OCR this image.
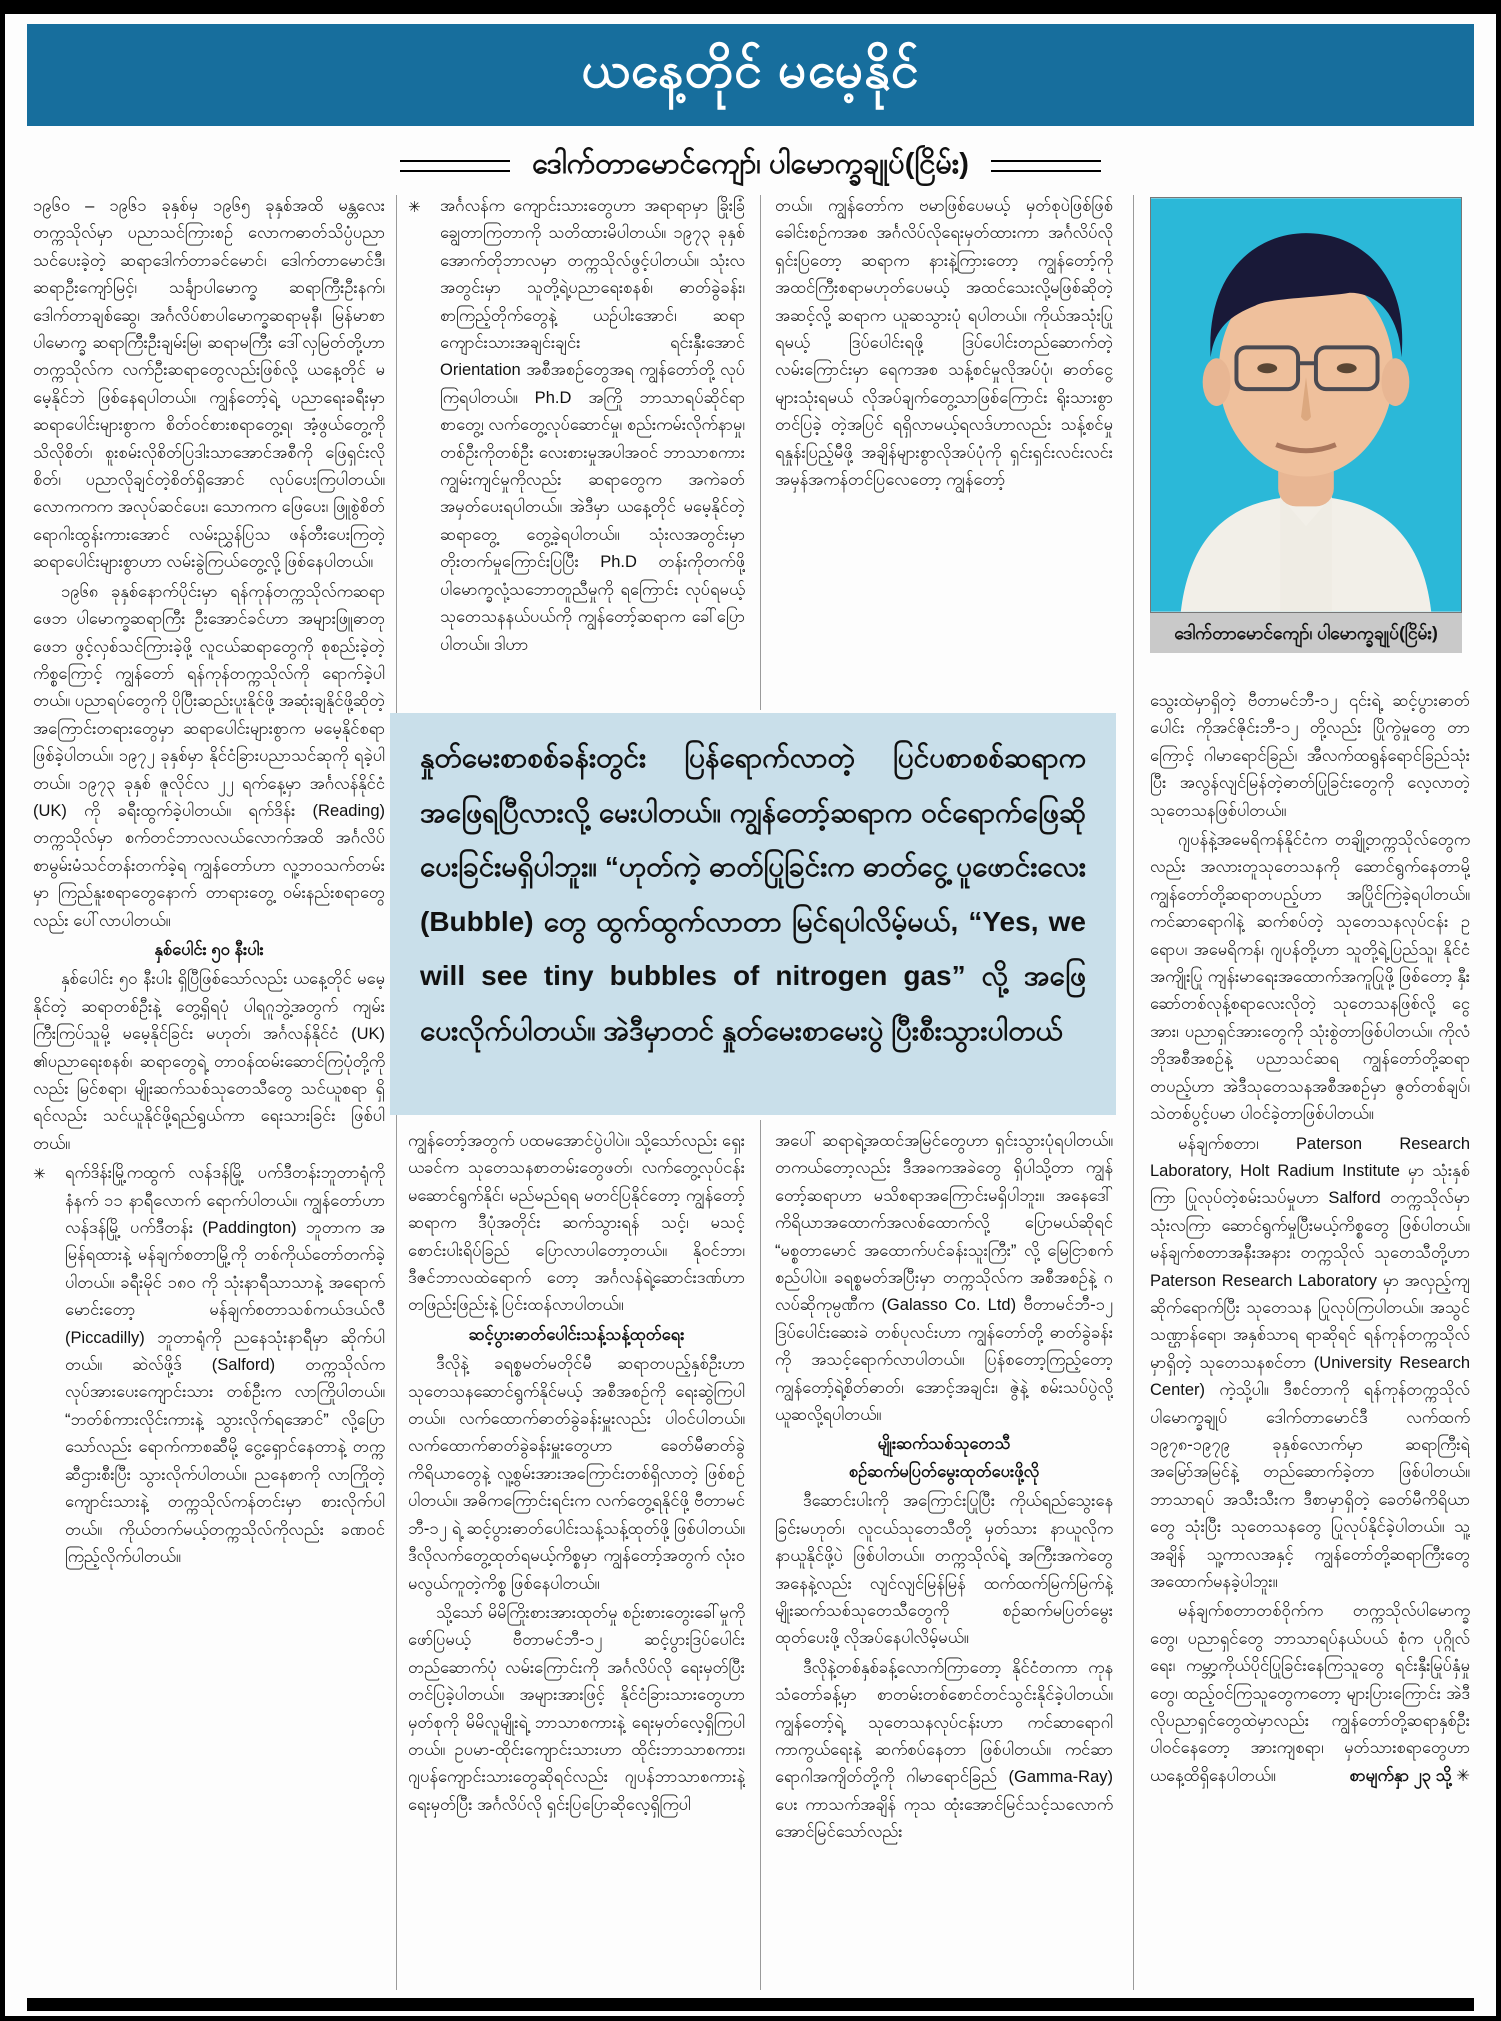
ယနေ့တိုင် မမေ့နိုင်
ဒေါက်တာမောင်ကျော်၊ ပါမောက္ခချုပ်(ငြိမ်း)

၁၉၆၀ – ၁၉၆၁ ခုနှစ်မှ ၁၉၆၅ ခုနှစ်အထိ မန္တလေးတက္ကသိုလ်မှာ ပညာသင်ကြားစဉ် လောကဓာတ်သိပ္ပံပညာသင်ပေးခဲ့တဲ့ ဆရာဒေါက်တာခင်မောင်၊ ဒေါက်တာမောင်ဒီ၊ ဆရာဦးကျော်မြင့်၊ သင်္ချာပါမောက္ခ ဆရာကြီးဦးနက်၊ ဒေါက်တာချစ်ဆွေ၊ အင်္ဂလိပ်စာပါမောက္ခဆရာမုနီ၊ မြန်မာစာပါမောက္ခ ဆရာကြီးဦးချမ်းမြ၊ ဆရာမကြီး ဒေါ်လှမြတ်တို့ဟာ တက္ကသိုလ်က လက်ဦးဆရာတွေလည်းဖြစ်လို့ ယနေ့တိုင် မမေ့နိုင်ဘဲ ဖြစ်နေရပါတယ်။ ကျွန်တော့်ရဲ့ ပညာရေးခရီးမှာ ဆရာပေါင်းများစွာက စိတ်ဝင်စားစရာတွေ့ရ၊ အံ့ဖွယ်တွေ့ကို သိလိုစိတ်၊ စူးစမ်းလိုစိတ်ပြဒါးသာအောင်အစီကို ဖြေရှင်းလိုစိတ်၊ ပညာလိုချင်တဲ့စိတ်ရှိအောင် လုပ်ပေးကြပါတယ်။ လောကကက အလုပ်ဆင်ပေး၊ သောကက ဖြေပေး၊ ဖြူစွဲစိတ်ရောဂါးထွန်းကားအောင် လမ်းညွှန်ပြသ ဖန်တီးပေးကြတဲ့ ဆရာပေါင်းများစွာဟာ လမ်းခွဲကြယ်တွေ့လို့ ဖြစ်နေပါတယ်။

၁၉၆၈ ခုနှစ်နောက်ပိုင်းမှာ ရန်ကုန်တက္ကသိုလ်ကဆရာဖေဘ ပါမောက္ခဆရာကြီး ဦးအောင်ခင်ဟာ အများဖြူဓာတုဖေဘ ဖွင့်လှစ်သင်ကြားခဲ့ဖို့ လူငယ်ဆရာတွေကို စုစည်းခဲ့တဲ့ကိစ္စကြောင့် ကျွန်တော် ရန်ကုန်တက္ကသိုလ်ကို ရောက်ခဲ့ပါတယ်။ ပညာရပ်တွေကို ပိုပြီးဆည်းပူးနိုင်ဖို့ အဆုံးချနိုင်ဖို့ဆိုတဲ့ အကြောင်းတရားတွေမှာ ဆရာပေါင်းများစွာက မမေ့နိုင်စရာဖြစ်ခဲ့ပါတယ်။ ၁၉၇၂ ခုနှစ်မှာ နိုင်ငံခြားပညာသင်ဆုကို ရခဲ့ပါတယ်။ ၁၉၇၃ ခုနှစ် ဇူလိုင်လ ၂၂ ရက်နေ့မှာ အင်္ဂလန်နိုင်ငံ (UK) ကို ခရီးထွက်ခဲ့ပါတယ်။ ရက်ဒိန်း (Reading) တက္ကသိုလ်မှာ စက်တင်ဘာလလယ်လောက်အထိ အင်္ဂလိပ်စာမွမ်းမံသင်တန်းတက်ခဲ့ရ ကျွန်တော်ဟာ လူ့ဘဝသက်တမ်းမှာ ကြည်နူးစရာတွေနောက် တာရားတွေ့ ဝမ်းနည်းစရာတွေလည်း ပေါ်လာပါတယ်။

နှစ်ပေါင်း ၅၀ နီးပါး

နှစ်ပေါင်း ၅၀ နီးပါး ရှိပြီဖြစ်သော်လည်း ယနေ့တိုင် မမေ့နိုင်တဲ့ ဆရာတစ်ဦးနဲ့ တွေ့ရှိရပုံ ပါရဂူဘွဲ့အတွက် ကျမ်းကြီးကြပ်သူမို့ မမေ့နိုင်ခြင်း မဟုတ်၊ အင်္ဂလန်နိုင်ငံ (UK) ၏ပညာရေးစနစ်၊ ဆရာတွေရဲ့ တာဝန်ထမ်းဆောင်ကြပုံတို့ကိုလည်း မြင်စရာ၊ မျိုးဆက်သစ်သုတေသီတွေ သင်ယူစရာ ရှိရင်လည်း သင်ယူနိုင်ဖို့ရည်ရွယ်ကာ ရေးသားခြင်း ဖြစ်ပါတယ်။

✳ ရက်ဒိန်းမြို့ကထွက် လန်ဒန်မြို့ ပက်ဒီတန်းဘူတာရုံကို နံနက် ၁၁ နာရီလောက် ရောက်ပါတယ်။ ကျွန်တော်ဟာ လန်ဒန်မြို့ ပက်ဒီတန်း (Paddington) ဘူတာက အမြန်ရထားနဲ့ မန်ချက်စတာမြို့ကို တစ်ကိုယ်တော်တက်ခဲ့ပါတယ်။ ခရီးမိုင် ၁၈၀ ကို သုံးနာရီသာသာနဲ့ အရောက်မောင်းတော့ မန်ချက်စတာသစ်ကယ်ဒယ်လီ (Piccadilly) ဘူတာရုံကို ညနေသုံးနာရီမှာ ဆိုက်ပါတယ်။ ဆဲလ်ဖို့ဒ် (Salford) တက္ကသိုလ်က လုပ်အားပေးကျောင်းသား တစ်ဦးက လာကြိုပါတယ်။ “ဘတ်စ်ကားလိုင်းကားနဲ့ သွားလိုက်ရအောင်” လို့ပြောသော်လည်း ရောက်ကာစဆီမို့ ငွေ့ရှောင်နေတာနဲ့ တက္ကဆီဌားစီးပြီး သွားလိုက်ပါတယ်။ ညနေစာကို လာကြိုတဲ့ကျောင်းသားနဲ့ တက္ကသိုလ်ကန်တင်းမှာ စားလိုက်ပါတယ်။ ကိုယ်တက်မယ့်တက္ကသိုလ်ကိုလည်း ခဏဝင်ကြည့်လိုက်ပါတယ်။

✳ အင်္ဂလန်က ကျောင်းသားတွေဟာ အရာရာမှာ ခြိုးခြံချွေတာကြတာကို သတိထားမိပါတယ်။ ၁၉၇၃ ခုနှစ် အောက်တိုဘာလမှာ တက္ကသိုလ်ဖွင့်ပါတယ်။ သုံးလအတွင်းမှာ သူတို့ရဲ့ပညာရေးစနစ်၊ ဓာတ်ခွဲခန်း၊ စာကြည့်တိုက်တွေနဲ့ ယဉ်ပါးအောင်၊ ဆရာ ကျောင်းသားအချင်းချင်း ရင်းနှီးအောင် Orientation အစီအစဉ်တွေအရ ကျွန်တော်တို့ လုပ်ကြရပါတယ်။ Ph.D အကြို ဘာသာရပ်ဆိုင်ရာ စာတွေ့၊ လက်တွေ့လုပ်ဆောင်မှု၊ စည်းကမ်းလိုက်နာမှု၊ တစ်ဦးကိုတစ်ဦး လေးစားမှုအပါအဝင် ဘာသာစကားကျွမ်းကျင်မှုကိုလည်း ဆရာတွေက အကဲခတ်အမှတ်ပေးရပါတယ်။ အဲဒီမှာ ယနေ့တိုင် မမေ့နိုင်တဲ့ဆရာတွေ့ တွေ့ခဲ့ရပါတယ်။ သုံးလအတွင်းမှာ တိုးတက်မှုကြောင်းပြပြီး Ph.D တန်းကိုတက်ဖို့ ပါမောက္ခလုံ့သဘောတူညီမှုကို ရကြောင်း လုပ်ရမယ့် သုတေသနနယ်ပယ်ကို ကျွန်တော့်ဆရာက ခေါ်ပြောပါတယ်။ ဒါဟာ

တယ်။ ကျွန်တော်က ဗမာဖြစ်ပေမယ့် မှတ်စုပဲဖြစ်ဖြစ် ခေါင်းစဉ်ကအစ အင်္ဂလိပ်လိုရေးမှတ်ထားကာ အင်္ဂလိပ်လိုရှင်းပြတော့ ဆရာက နားနဲ့ကြားတော့ ကျွန်တော့်ကို အထင်ကြီးစရာမဟုတ်ပေမယ့် အထင်သေးလို့မဖြစ်ဆိုတဲ့အဆင့်လို့ ဆရာက ယူဆသွားပုံ ရပါတယ်။ ကိုယ်အသုံးပြုရမယ့် ဒြပ်ပေါင်းရဖို့ ဒြပ်ပေါင်းတည်ဆောက်တဲ့လမ်းကြောင်းမှာ ရေကအစ သန့်စင်မှုလိုအပ်ပုံ၊ ဓာတ်ငွေ့များသုံးရမယ် လိုအပ်ချက်တွေ့သာဖြစ်ကြောင်း ရိုးသားစွာတင်ပြခဲ့ တဲ့အပြင် ရရှိလာမယ့်ရလဒ်ဟာလည်း သန့်စင်မှု ရနှုန်းပြည့်မီဖို့ အချိန်များစွာလိုအပ်ပုံကို ရှင်းရှင်းလင်းလင်း အမှန်အကန်တင်ပြလေတော့ ကျွန်တော့်

နှုတ်မေးစာစစ်ခန်းတွင်း ပြန်ရောက်လာတဲ့ ပြင်ပစာစစ်ဆရာက အဖြေရပြီလားလို့ မေးပါတယ်။ ကျွန်တော့်ဆရာက ဝင်ရောက်ဖြေဆိုပေးခြင်းမရှိပါဘူး။ “ဟုတ်ကဲ့ ဓာတ်ပြုခြင်းက ဓာတ်ငွေ့ ပူဖောင်းလေး (Bubble) တွေ ထွက်ထွက်လာတာ မြင်ရပါလိမ့်မယ်, “Yes, we will see tiny bubbles of nitrogen gas” လို့ အဖြေပေးလိုက်ပါတယ်။ အဲဒီမှာတင် နှုတ်မေးစာမေးပွဲ ပြီးစီးသွားပါတယ်

ကျွန်တော့်အတွက် ပထမအောင်ပွဲပါပဲ။ သို့သော်လည်း ရှေးယခင်က သုတေသနစာတမ်းတွေဖတ်၊ လက်တွေ့လုပ်ငန်း မဆောင်ရွက်နိုင်၊ မည်မည်ရရ မတင်ပြနိုင်တော့ ကျွန်တော့်ဆရာက ဒီပုံအတိုင်း ဆက်သွားရန် သင့်၊ မသင့် စောင်းပါးရိပ်ခြည် ပြောလာပါတော့တယ်။ နိုဝင်ဘာ၊ ဒီဇင်ဘာလထဲရောက် တော့ အင်္ဂလန်ရဲ့ဆောင်းဒဏ်ဟာ တဖြည်းဖြည်းနဲ့ ပြင်းထန်လာပါတယ်။

ဆင့်ပွားဓာတ်ပေါင်းသန့်သန့်ထုတ်ရေး

ဒီလိုနဲ့ ခရစ္စမတ်မတိုင်မီ ဆရာတပည့်နှစ်ဦးဟာ သုတေသနဆောင်ရွက်နိုင်မယ့် အစီအစဉ်ကို ရေးဆွဲကြပါတယ်။ လက်ထောက်ဓာတ်ခွဲခန်းမှူးလည်း ပါဝင်ပါတယ်။ လက်ထောက်ဓာတ်ခွဲခန်းမှူးတွေဟာ ခေတ်မီဓာတ်ခွဲကိရိယာတွေနဲ့ လူ့စွမ်းအားအကြောင်းတစ်ရှိလာတဲ့ ဖြစ်စဉ်ပါတယ်။ အဓိကကြောင်းရင်းက လက်တွေ့ရနိုင်ဖို့ ဗီတာမင်ဘီ-၁၂ ရဲ့ ဆင့်ပွားဓာတ်ပေါင်းသန့်သန့်ထုတ်ဖို့ ဖြစ်ပါတယ်။ ဒီလိုလက်တွေ့ထုတ်ရမယ့်ကိစ္စမှာ ကျွန်တော့်အတွက် လုံးဝမလွယ်ကူတဲ့ကိစ္စ ဖြစ်နေပါတယ်။

သို့သော် မိမိကြိုးစားအားထုတ်မှု စဉ်းစားတွေးခေါ်မှုကို ဖော်ပြမယ့် ဗီတာမင်ဘီ-၁၂ ဆင့်ပွားဒြပ်ပေါင်းတည်ဆောက်ပုံ လမ်းကြောင်းကို အင်္ဂလိပ်လို ရေးမှတ်ပြီးတင်ပြခဲ့ပါတယ်။ အများအားဖြင့် နိုင်ငံခြားသားတွေဟာ မှတ်စုကို မိမိလူမျိုးရဲ့ ဘာသာစကားနဲ့ ရေးမှတ်လေ့ရှိကြပါတယ်။ ဥပမာ-ထိုင်းကျောင်းသားဟာ ထိုင်းဘာသာစကား၊ ဂျပန်ကျောင်းသားတွေဆိုရင်လည်း ဂျပန်ဘာသာစကားနဲ့ ရေးမှတ်ပြီး အင်္ဂလိပ်လို ရှင်းပြပြောဆိုလေ့ရှိကြပါ

အပေါ် ဆရာရဲ့အထင်အမြင်တွေဟာ ရှင်းသွားပုံရပါတယ်။ တကယ်တော့လည်း ဒီအခကအခဲတွေ ရှိပါသို့တာ ကျွန်တော့်ဆရာဟာ မသိစရာအကြောင်းမရှိပါဘူး။ အနေဒေါ်ကိရိယာအထောက်အလစ်ထောက်လို့ ပြောမယ်ဆိုရင် “မစ္စတာမောင် အထောက်ပင်ခန်းသူးကြီး” လို့ မြေငြာစက်စည်ပါပဲ။ ခရစ္စမတ်အပြီးမှာ တက္ကသိုလ်က အစီအစဉ်နဲ့ ဂလပ်ဆိုကုမ္ပဏီက (Galasso Co. Ltd) ဗီတာမင်ဘီ-၁၂ ဒြပ်ပေါင်းဆေးခဲ တစ်ပုလင်းဟာ ကျွန်တော်တို့ ဓာတ်ခွဲခန်းကို အသင့်ရောက်လာပါတယ်။ ပြန်စတော့ကြည့်တော့ ကျွန်တော့်ရဲ့စိတ်ဓာတ်၊ အောင့်အချင်း၊ ဇွဲနဲ့ စမ်းသပ်ပွဲလို့ ယူဆလို့ရပါတယ်။

မျိုးဆက်သစ်သုတေသီ

စဉ်ဆက်မပြတ်မွေးထုတ်ပေးဖို့လို

ဒီဆောင်းပါးကို အကြောင်းပြုပြီး ကိုယ်ရည်သွေးနေခြင်းမဟုတ်၊ လူငယ်သုတေသီတို့ မှတ်သား နာယူလိုက နာယူနိုင်ဖို့ပဲ ဖြစ်ပါတယ်။ တက္ကသိုလ်ရဲ့ အကြီးအကဲတွေအနေနဲ့လည်း လျင်လျင်မြန်မြန် ထက်ထက်မြက်မြက်နဲ့ မျိုးဆက်သစ်သုတေသီတွေကို စဉ်ဆက်မပြတ်မွေးထုတ်ပေးဖို့ လိုအပ်နေပါလိမ့်မယ်။

ဒီလိုနဲ့တစ်နှစ်ခန့်လောက်ကြာတော့ နိုင်ငံတကာ ကုနသံတော်ခန့်မှာ စာတမ်းတစ်စောင်တင်သွင်းနိုင်ခဲ့ပါတယ်။ ကျွန်တော့်ရဲ့ သုတေသနလုပ်ငန်းဟာ ကင်ဆာရောဂါကာကွယ်ရေးနဲ့ ဆက်စပ်နေတာ ဖြစ်ပါတယ်။ ကင်ဆာရောဂါအကျိတ်တို့ကို ဂါမာရောင်ခြည် (Gamma-Ray) ပေး ကာသက်အချိန် ကုသ ထုံးအောင်မြင်သင့်သလောက်အောင်မြင်သော်လည်း

ဒေါက်တာမောင်ကျော်၊ ပါမောက္ခချုပ်(ငြိမ်း)

သွေးထဲမှာရှိတဲ့ ဗီတာမင်ဘီ-၁၂ ၎င်းရဲ့ ဆင့်ပွားဓာတ်ပေါင်း ကိုအင်ဇိုင်းဘီ-၁၂ တို့လည်း ပြိုကွဲမှုတွေ တာကြောင့် ဂါမာရောင်ခြည်၊ အီလက်ထရွန်ရောင်ခြည်သုံးပြီး အလွန်လျင်မြန်တဲ့ဓာတ်ပြုခြင်းတွေကို လေ့လာတဲ့သုတေသနဖြစ်ပါတယ်။

ဂျပန်နဲ့အမေရိကန်နိုင်ငံက တချို့တက္ကသိုလ်တွေကလည်း အလားတူသုတေသနကို ဆောင်ရွက်နေတာမို့ ကျွန်တော်တို့ဆရာတပည့်ဟာ အပြိုင်ကြဲခဲ့ရပါတယ်။ ကင်ဆာရောဂါနဲ့ ဆက်စပ်တဲ့ သုတေသနလုပ်ငန်း ဥရောပ၊ အမေရိကန်၊ ဂျပန်တို့ဟာ သူတို့ရဲ့ပြည်သူ၊ နိုင်ငံအကျိုးပြု ကျန်းမာရေးအထောက်အကူပြုဖို့ ဖြစ်တော့ နှီးဆော်တစ်လုန့်စရာလေးလိုတဲ့ သုတေသနဖြစ်လို့ ငွေအား၊ ပညာရှင်အားတွေကို သုံးစွဲတာဖြစ်ပါတယ်။ ကိုလံဘိုအစီအစဉ်နဲ့ ပညာသင်ဆရ ကျွန်တော်တို့ဆရာတပည့်ဟာ အဲဒီသုတေသနအစီအစဉ်မှာ ဇွတ်တစ်ချပ်၊ သဲတစ်ပွင့်ပမာ ပါဝင်ခဲ့တာဖြစ်ပါတယ်။

မန်ချက်စတာ၊ Paterson Research Laboratory, Holt Radium Institute မှာ သုံးနှစ်ကြာ ပြုလုပ်တဲ့စမ်းသပ်မှုဟာ Salford တက္ကသိုလ်မှာ သုံးလကြာ ဆောင်ရွက်မှုပြီးမယ့်ကိစ္စတွေ ဖြစ်ပါတယ်။ မန်ချက်စတာအနီးအနား တက္ကသိုလ် သုတေသီတို့ဟာ Paterson Research Laboratory မှာ အလှည့်ကျဆိုက်ရောက်ပြီး သုတေသန ပြုလုပ်ကြပါတယ်။ အသွင်သဏ္ဌာန်ရော၊ အနှစ်သာရ ရာဆိုရင် ရန်ကုန်တက္ကသိုလ်မှာရှိတဲ့ သုတေသနစင်တာ (University Research Center) ကဲ့သို့ပါ။ ဒီစင်တာကို ရန်ကုန်တက္ကသိုလ် ပါမောက္ခချုပ် ဒေါက်တာမောင်ဒီ လက်ထက် ၁၉၇၈-၁၉၇၉ ခုနှစ်လောက်မှာ ဆရာကြီးရဲ့အမြော်အမြင်နဲ့ တည်ဆောက်ခဲ့တာ ဖြစ်ပါတယ်။ ဘာသာရပ် အသီးသီးက ဒီစာမှာရှိတဲ့ ခေတ်မီကိရိယာတွေ သုံးပြီး သုတေသနတွေ ပြုလုပ်နိုင်ခဲ့ပါတယ်။ သူ့အချိန် သူ့ကာလအနှင့် ကျွန်တော်တို့ဆရာကြီးတွေ အထောက်မနခဲ့ပါဘူး။

မန်ချက်စတာတစ်ဝိုက်က တက္ကသိုလ်ပါမောက္ခတွေ၊ ပညာရှင်တွေ ဘာသာရပ်နယ်ပယ် စုံက ပုဂ္ဂိုလ်ရေး၊ ကမ္ဘာ့ကိုယ်ပိုင်ပြုခြင်းနေကြသူတွေ ရင်းနှီးမြုပ်နှံမှုတွေ၊ ထည့်ဝင်ကြသူတွေကတော့ များပြားကြောင်း အဲဒီလိုပညာရှင်တွေထဲမှာလည်း ကျွန်တော်တို့ဆရာနှစ်ဦးပါဝင်နေတော့ အားကျစရာ၊ မှတ်သားစရာတွေဟာ ယနေ့ထိရှိနေပါတယ်။	စာမျက်နှာ ၂၃ သို့ ✳
